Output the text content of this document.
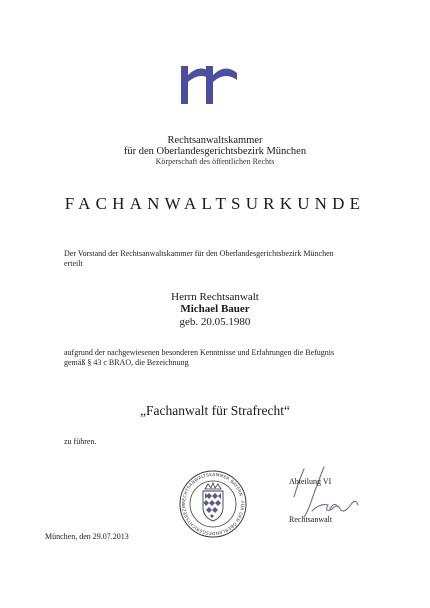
Rechtsanwaltskammer
für den Oberlandesgerichtsbezirk München
Körperschaft des öffentlichen Rechts
FACHANWALTSURKUNDE
Der Vorstand der Rechtsanwaltskammer für den Oberlandesgerichtsbezirk München
erteilt
Herrn Rechtsanwalt
Michael Bauer
geb. 20.05.1980
aufgrund der nachgewiesenen besonderen Kenntnisse und Erfahrungen die Befugnis
gemäß § 43 c BRAO, die Bezeichnung
„Fachanwalt für Strafrecht“
zu führen.
RECHTSANWALTSKAMMER BAYERN · FÜR DEN OBERLANDESGERICHTSBEZIR
Abteilung VI
Rechtsanwalt
München, den 29.07.2013
